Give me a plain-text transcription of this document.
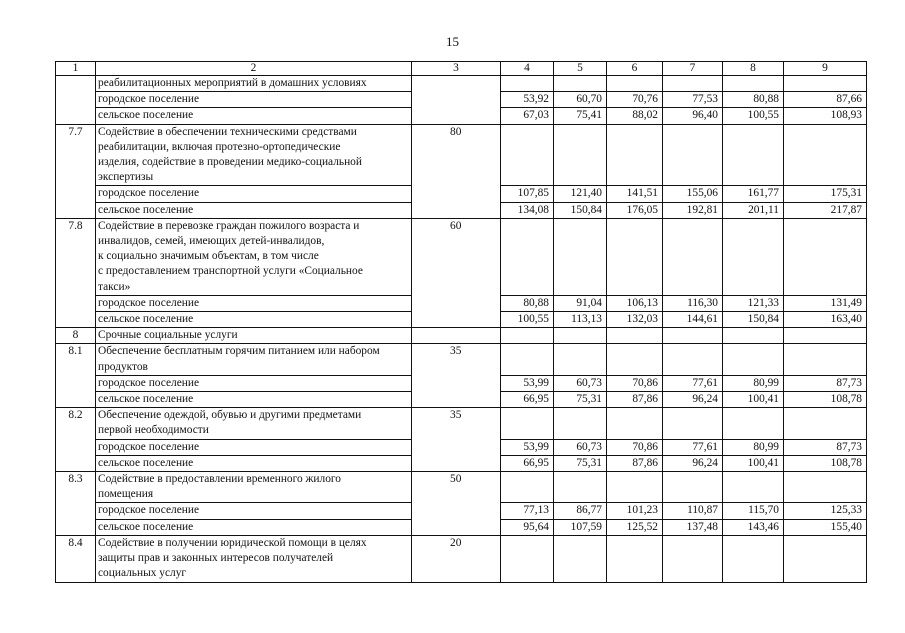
15
1	2	3	4	5	6	7	8	9
	реабилитационных мероприятий в домашних условиях							
	городское поселение		53,92	60,70	70,76	77,53	80,88	87,66
	сельское поселение		67,03	75,41	88,02	96,40	100,55	108,93
7.7	Содействие в обеспечении техническими средствами
реабилитации, включая протезно-ортопедические
изделия, содействие в проведении медико-социальной
экспертизы	80						
	городское поселение		107,85	121,40	141,51	155,06	161,77	175,31
	сельское поселение		134,08	150,84	176,05	192,81	201,11	217,87
7.8	Содействие в перевозке граждан пожилого возраста и
инвалидов, семей, имеющих детей-инвалидов,
к социально значимым объектам, в том числе
с предоставлением транспортной услуги «Социальное
такси»	60						
	городское поселение		80,88	91,04	106,13	116,30	121,33	131,49
	сельское поселение		100,55	113,13	132,03	144,61	150,84	163,40
8	Срочные социальные услуги							
8.1	Обеспечение бесплатным горячим питанием или набором
продуктов	35						
	городское поселение		53,99	60,73	70,86	77,61	80,99	87,73
	сельское поселение		66,95	75,31	87,86	96,24	100,41	108,78
8.2	Обеспечение одеждой, обувью и другими предметами
первой необходимости	35						
	городское поселение		53,99	60,73	70,86	77,61	80,99	87,73
	сельское поселение		66,95	75,31	87,86	96,24	100,41	108,78
8.3	Содействие в предоставлении временного жилого
помещения	50						
	городское поселение		77,13	86,77	101,23	110,87	115,70	125,33
	сельское поселение		95,64	107,59	125,52	137,48	143,46	155,40
8.4	Содействие в получении юридической помощи в целях
защиты прав и законных интересов получателей
социальных услуг	20						
